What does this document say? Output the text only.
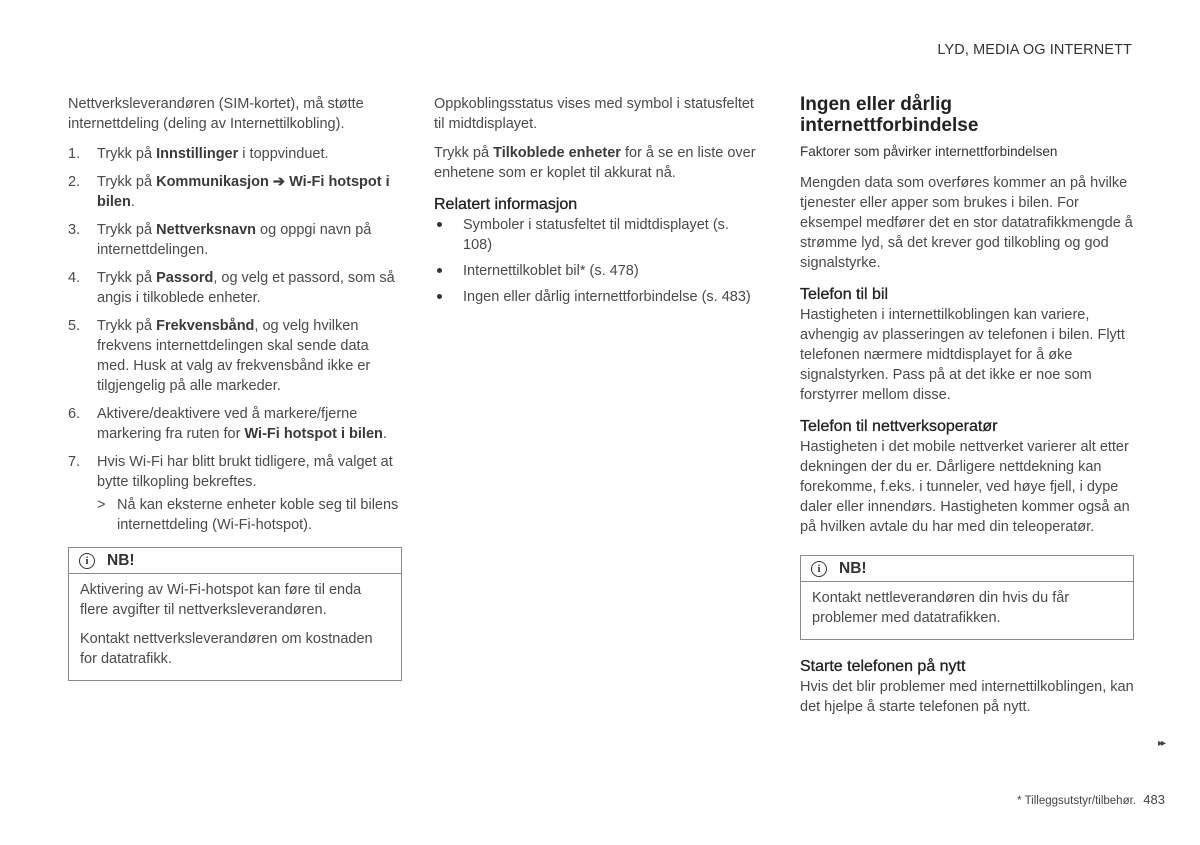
LYD, MEDIA OG INTERNETT

Nettverksleverandøren (SIM-kortet), må støtte internettdeling (deling av Internettilkobling).

1. Trykk på Innstillinger i toppvinduet.
2. Trykk på Kommunikasjon ➔ Wi-Fi hotspot i bilen.
3. Trykk på Nettverksnavn og oppgi navn på internettdelingen.
4. Trykk på Passord, og velg et passord, som så angis i tilkoblede enheter.
5. Trykk på Frekvensbånd, og velg hvilken frekvens internettdelingen skal sende data med. Husk at valg av frekvensbånd ikke er tilgjengelig på alle markeder.
6. Aktivere/deaktivere ved å markere/fjerne markering fra ruten for Wi-Fi hotspot i bilen.
7. Hvis Wi-Fi har blitt brukt tidligere, må valget at bytte tilkopling bekreftes.
> Nå kan eksterne enheter koble seg til bilens internettdeling (Wi-Fi-hotspot).
i	NB!

Aktivering av Wi-Fi-hotspot kan føre til enda flere avgifter til nettverksleverandøren.

Kontakt nettverksleverandøren om kostnaden for datatrafikk.

Oppkoblingsstatus vises med symbol i statusfeltet til midtdisplayet.

Trykk på Tilkoblede enheter for å se en liste over enhetene som er koplet til akkurat nå.

Relatert informasjon
Symboler i statusfeltet til midtdisplayet (s. 108)
Internettilkoblet bil* (s. 478)
Ingen eller dårlig internettforbindelse (s. 483)
Ingen eller dårlig internettforbindelse
Faktorer som påvirker internettforbindelsen

Mengden data som overføres kommer an på hvilke tjenester eller apper som brukes i bilen. For eksempel medfører det en stor datatrafikkmengde å strømme lyd, så det krever god tilkobling og god signalstyrke.

Telefon til bil

Hastigheten i internettilkoblingen kan variere, avhengig av plasseringen av telefonen i bilen. Flytt telefonen nærmere midtdisplayet for å øke signalstyrken. Pass på at det ikke er noe som forstyrrer mellom disse.

Telefon til nettverksoperatør

Hastigheten i det mobile nettverket varierer alt etter dekningen der du er. Dårligere nettdekning kan forekomme, f.eks. i tunneler, ved høye fjell, i dype daler eller innendørs. Hastigheten kommer også an på hvilken avtale du har med din teleoperatør.

i	NB!

Kontakt nettleverandøren din hvis du får problemer med datatrafikken.

Starte telefonen på nytt

Hvis det blir problemer med internettilkoblingen, kan det hjelpe å starte telefonen på nytt.

▸▸
* Tilleggsutstyr/tilbehør. 483
